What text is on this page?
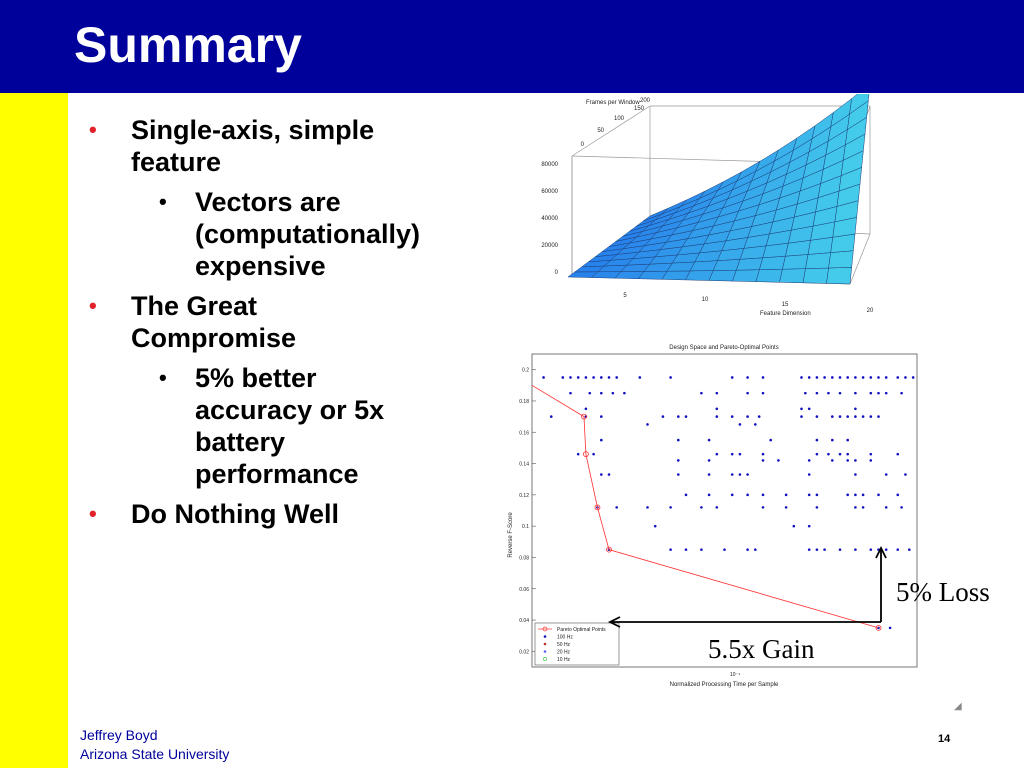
Summary
• Single-axis, simple
feature
• Vectors are
(computationally)
expensive
• The Great
Compromise
• 5% better
accuracy or 5x
battery
performance
• Do Nothing Well
Frames per Window
Feature Dimension
0
20000
40000
60000
80000
0
50
100
150
200
5
10
15
20
Design Space and Pareto-Optimal Points
Normalized Processing Time per Sample
10⁻⁴
Reverse F-Score
0.2
0.18
0.16
0.14
0.12
0.1
0.08
0.06
0.04
0.02
Pareto Optimal Points
100 Hz
50 Hz
20 Hz
10 Hz
5% Loss
5.5x Gain
◢
Jeffrey Boyd
Arizona State University
14
